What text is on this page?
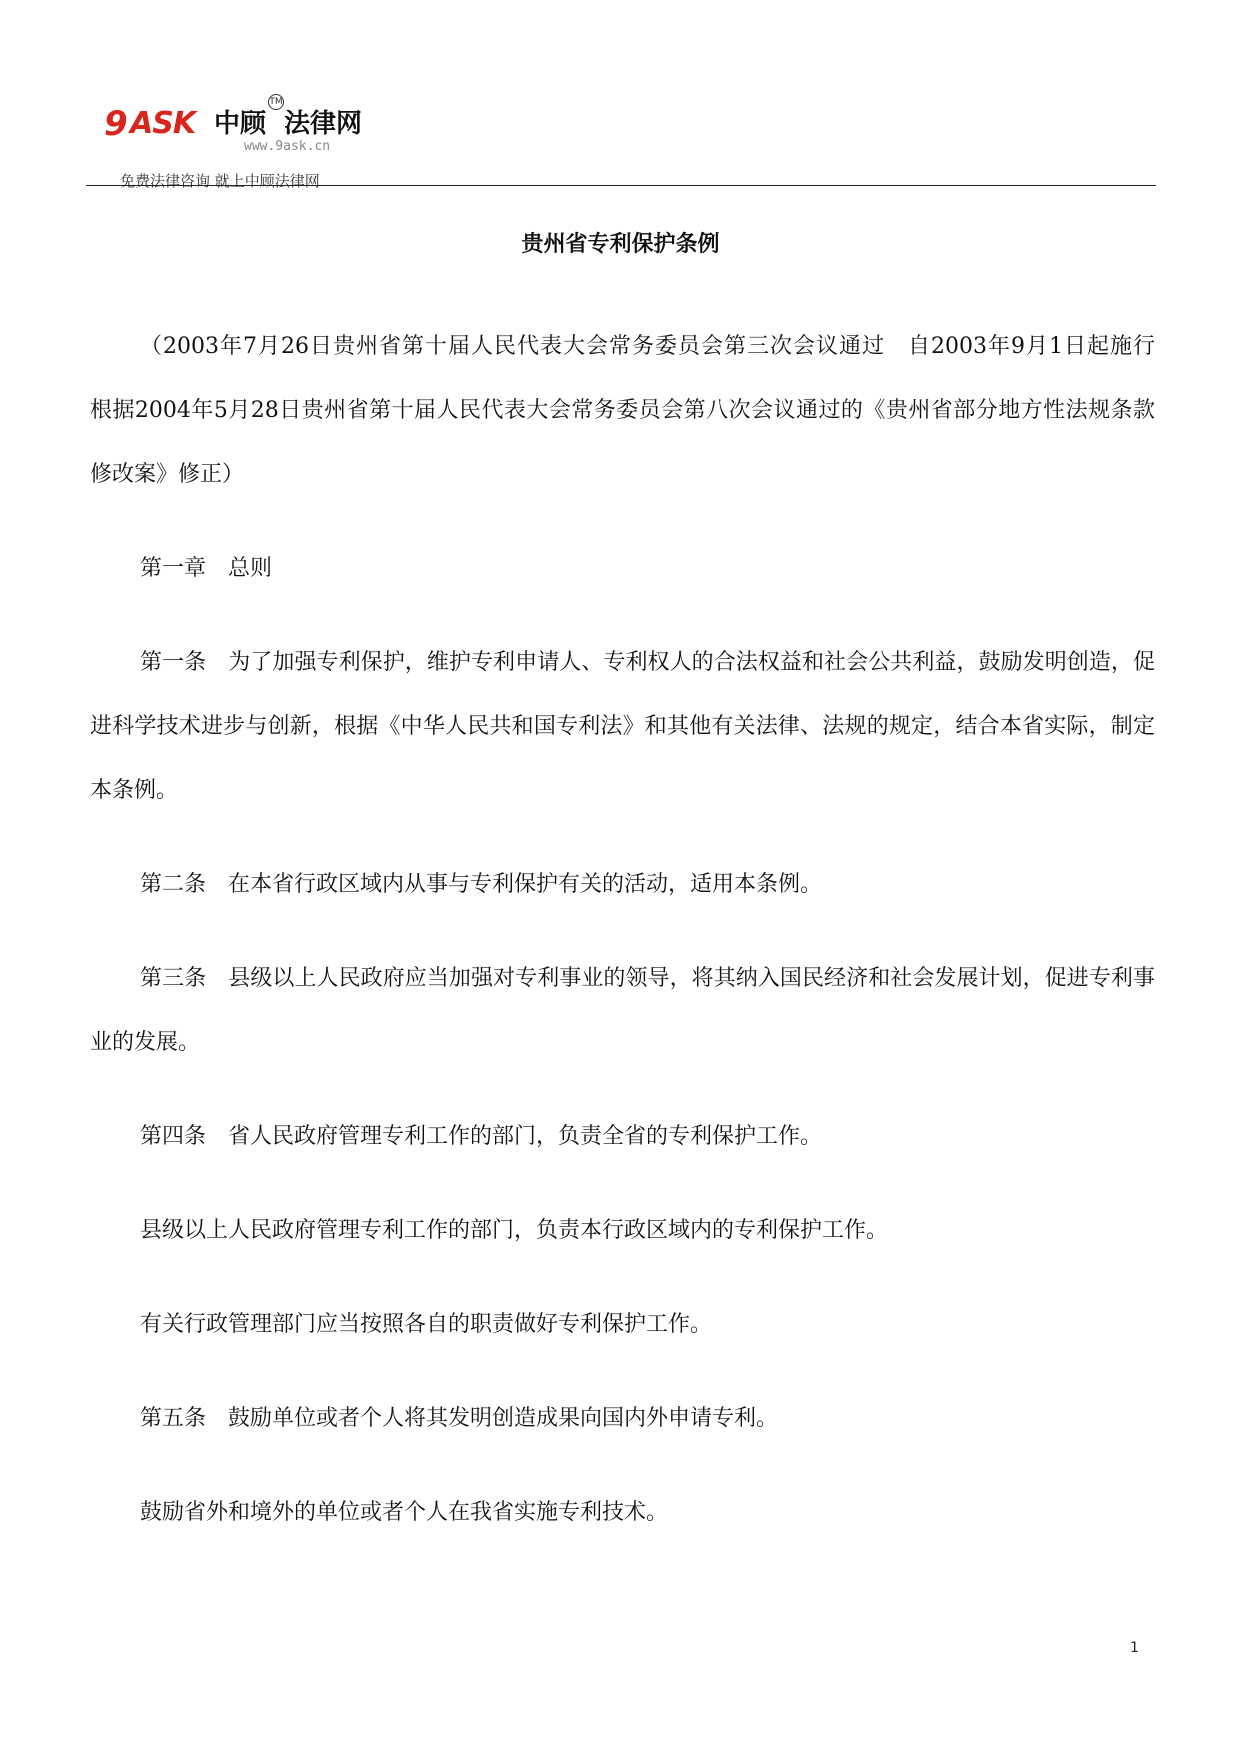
9 ASK 中顾
TM
法律网
www.9ask.cn
免费法律咨询 就上中顾法律网
贵州省专利保护条例

（2003年7月26日贵州省第十届人民代表大会常务委员会第三次会议通过　自2003年9月1日起施行　根据2004年5月28日贵州省第十届人民代表大会常务委员会第八次会议通过的《贵州省部分地方性法规条款修改案》修正）

第一章　总则

第一条　为了加强专利保护，维护专利申请人、专利权人的合法权益和社会公共利益，鼓励发明创造，促进科学技术进步与创新，根据《中华人民共和国专利法》和其他有关法律、法规的规定，结合本省实际，制定本条例。

第二条　在本省行政区域内从事与专利保护有关的活动，适用本条例。

第三条　县级以上人民政府应当加强对专利事业的领导，将其纳入国民经济和社会发展计划，促进专利事业的发展。

第四条　省人民政府管理专利工作的部门，负责全省的专利保护工作。

县级以上人民政府管理专利工作的部门，负责本行政区域内的专利保护工作。

有关行政管理部门应当按照各自的职责做好专利保护工作。

第五条　鼓励单位或者个人将其发明创造成果向国内外申请专利。

鼓励省外和境外的单位或者个人在我省实施专利技术。

1
